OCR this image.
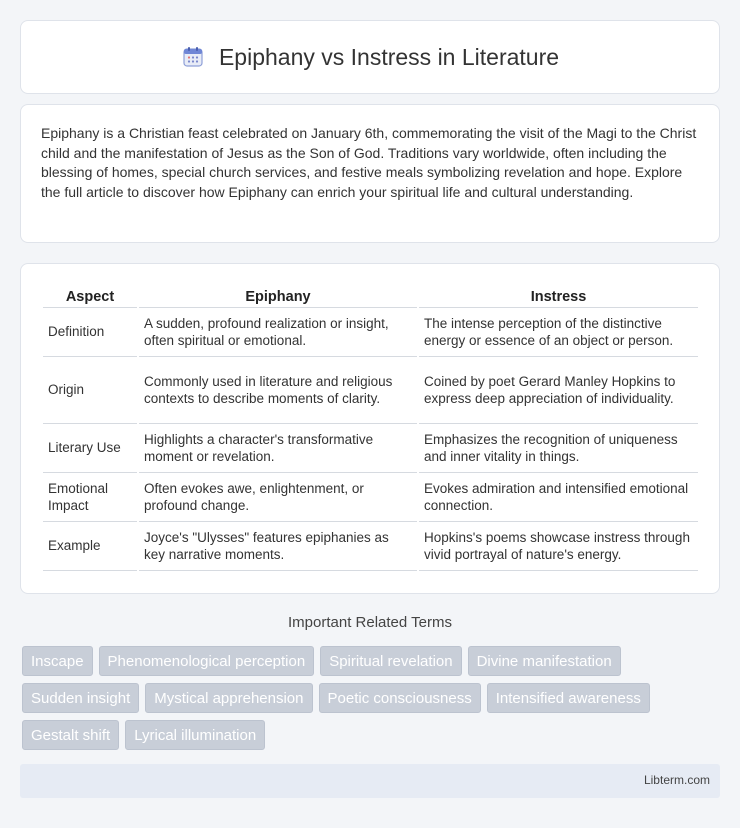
Epiphany vs Instress in Literature

Epiphany is a Christian feast celebrated on January 6th, commemorating the visit of the Magi to the Christ child and the manifestation of Jesus as the Son of God. Traditions vary worldwide, often including the blessing of homes, special church services, and festive meals symbolizing revelation and hope. Explore the full article to discover how Epiphany can enrich your spiritual life and cultural understanding.

Aspect	Epiphany	Instress
Definition	A sudden, profound realization or insight, often spiritual or emotional.	The intense perception of the distinctive energy or essence of an object or person.
Origin	Commonly used in literature and religious contexts to describe moments of clarity.	Coined by poet Gerard Manley Hopkins to express deep appreciation of individuality.
Literary Use	Highlights a character's transformative moment or revelation.	Emphasizes the recognition of uniqueness and inner vitality in things.
Emotional Impact	Often evokes awe, enlightenment, or profound change.	Evokes admiration and intensified emotional connection.
Example	Joyce's "Ulysses" features epiphanies as key narrative moments.	Hopkins's poems showcase instress through vivid portrayal of nature's energy.
Important Related Terms
Inscape	Phenomenological perception	Spiritual revelation	Divine manifestation
Sudden insight	Mystical apprehension	Poetic consciousness	Intensified awareness
Gestalt shift	Lyrical illumination
Libterm.com
